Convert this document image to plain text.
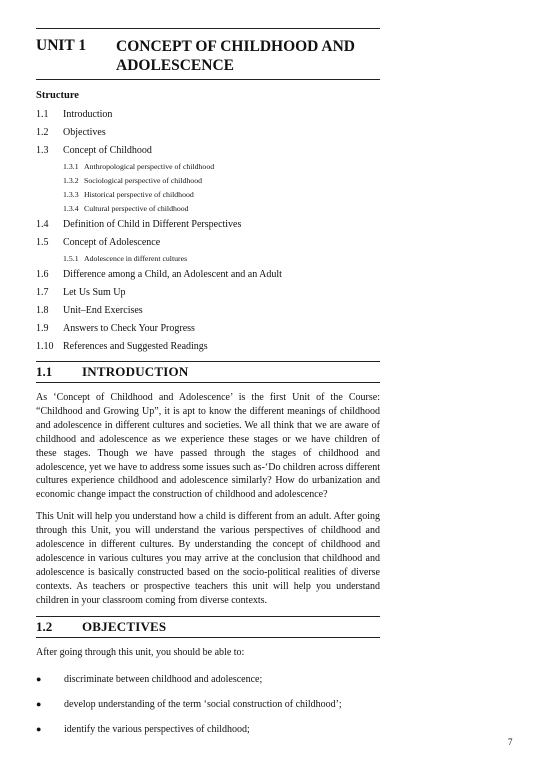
UNIT 1	CONCEPT OF CHILDHOOD AND
ADOLESCENCE
Structure
1.1	Introduction
1.2	Objectives
1.3	Concept of Childhood
1.3.1 Anthropological perspective of childhood
1.3.2 Sociological perspective of childhood
1.3.3 Historical perspective of childhood
1.3.4 Cultural perspective of childhood
1.4	Definition of Child in Different Perspectives
1.5	Concept of Adolescence
1.5.1 Adolescence in different cultures
1.6	Difference among a Child, an Adolescent and an Adult
1.7	Let Us Sum Up
1.8	Unit–End Exercises
1.9	Answers to Check Your Progress
1.10 References and Suggested Readings
1.1	INTRODUCTION

As ‘Concept of Childhood and Adolescence’ is the first Unit of the Course: “Childhood and Growing Up”, it is apt to know the different meanings of childhood and adolescence in different cultures and societies. We all think that we are aware of childhood and adolescence as we experience these stages or we have children of these stages. Though we have passed through the stages of childhood and adolescence, yet we have to address some issues such as-‘Do children across different cultures experience childhood and adolescence similarly? How do urbanization and economic change impact the construction of childhood and adolescence?

This Unit will help you understand how a child is different from an adult. After going through this Unit, you will understand the various perspectives of childhood and adolescence in different cultures. By understanding the concept of childhood and adolescence in various cultures you may arrive at the conclusion that childhood and adolescence is basically constructed based on the socio-political realities of diverse contexts. As teachers or prospective teachers this unit will help you understand children in your classroom coming from diverse contexts.

1.2	OBJECTIVES

After going through this unit, you should be able to:

●	discriminate between childhood and adolescence;
●	develop understanding of the term ‘social construction of childhood’;
●	identify the various perspectives of childhood;
7
